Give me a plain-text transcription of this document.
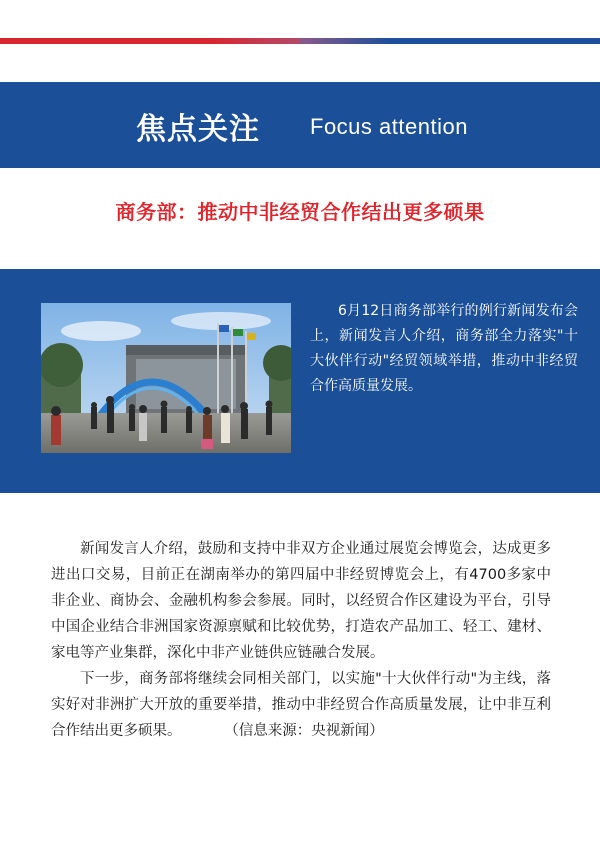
焦点关注 Focus attention
商务部：推动中非经贸合作结出更多硕果
6月12日商务部举行的例行新闻发布会上，新闻发言人介绍，商务部全力落实"十大伙伴行动"经贸领域举措，推动中非经贸合作高质量发展。

新闻发言人介绍，鼓励和支持中非双方企业通过展览会博览会，达成更多进出口交易，目前正在湖南举办的第四届中非经贸博览会上，有4700多家中非企业、商协会、金融机构参会参展。同时，以经贸合作区建设为平台，引导中国企业结合非洲国家资源禀赋和比较优势，打造农产品加工、轻工、建材、家电等产业集群，深化中非产业链供应链融合发展。

下一步，商务部将继续会同相关部门，以实施"十大伙伴行动"为主线，落实好对非洲扩大开放的重要举措，推动中非经贸合作高质量发展，让中非互利合作结出更多硕果。	（信息来源：央视新闻）
